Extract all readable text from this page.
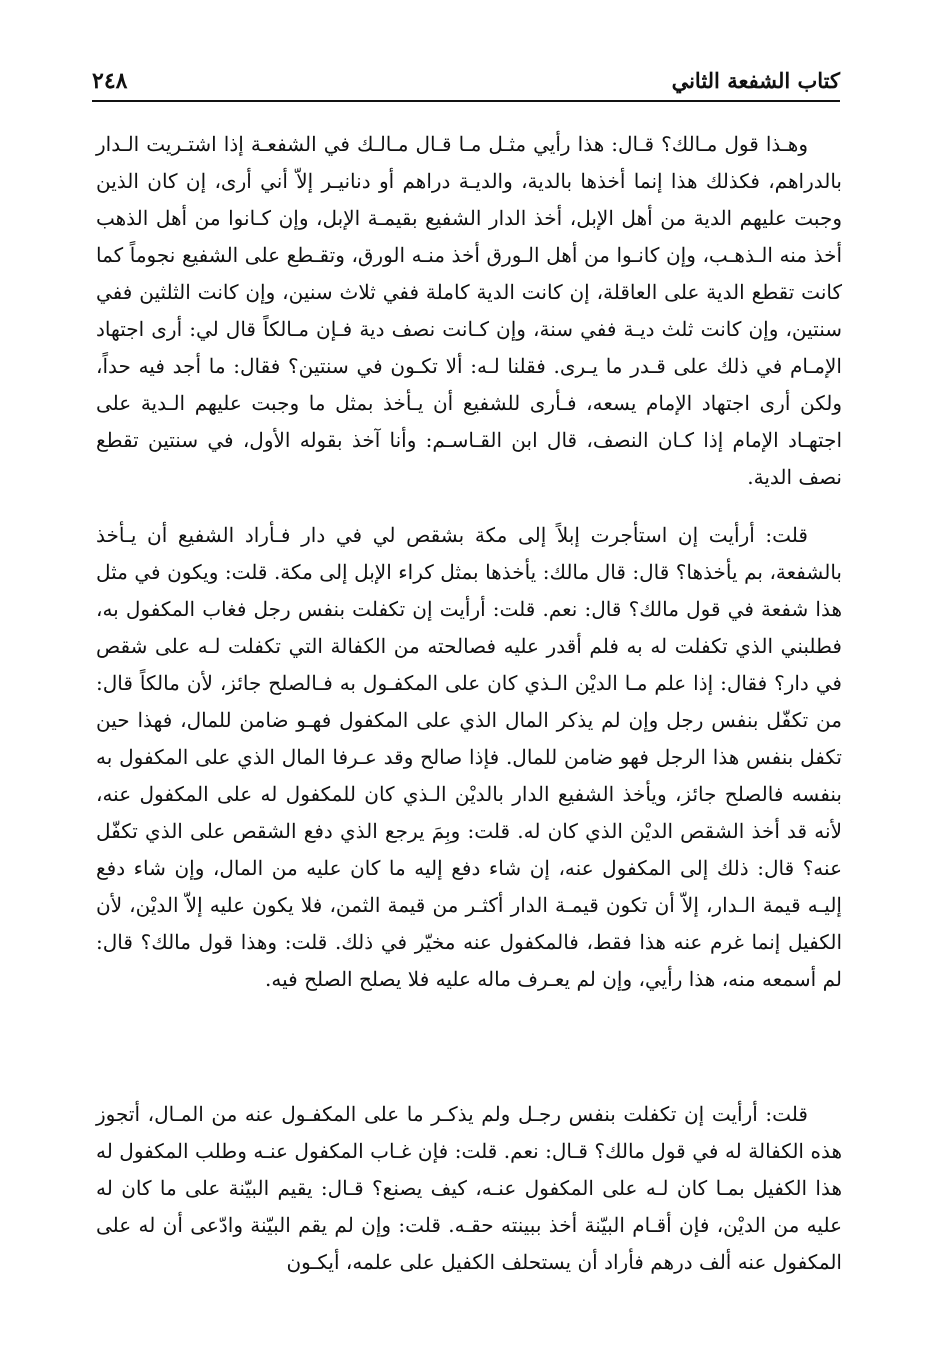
كتاب الشفعة الثاني
٢٤٨

وهـذا قول مـالك؟ قـال: هذا رأيي مثـل مـا قـال مـالـك في الشفعـة إذا اشتـريت الـدار بالدراهم، فكذلك هذا إنما أخذها بالدية، والديـة دراهم أو دنانيـر إلاّ أني أرى، إن كان الذين وجبت عليهم الدية من أهل الإبل، أخذ الدار الشفيع بقيمـة الإبل، وإن كـانوا من أهل الذهب أخذ منه الـذهـب، وإن كانـوا من أهل الـورق أخذ منـه الورق، وتقـطع على الشفيع نجوماً كما كانت تقطع الدية على العاقلة، إن كانت الدية كاملة ففي ثلاث سنين، وإن كانت الثلثين ففي سنتين، وإن كانت ثلث ديـة ففي سنة، وإن كـانت نصف دية فـإن مـالكاً قال لي: أرى اجتهاد الإمـام في ذلك على قـدر ما يـرى. فقلنا لـه: ألا تكـون في سنتين؟ فقال: ما أجد فيه حداً، ولكن أرى اجتهاد الإمام يسعه، فـأرى للشفيع أن يـأخذ بمثل ما وجبت عليهم الـدية على اجتهـاد الإمام إذا كـان النصف، قال ابن القـاسـم: وأنا آخذ بقوله الأول، في سنتين تقطع نصف الدية.

قلت: أرأيت إن استأجرت إبلاً إلى مكة بشقص لي في دار فـأراد الشفيع أن يـأخذ بالشفعة، بم يأخذها؟ قال: قال مالك: يأخذها بمثل كراء الإبل إلى مكة. قلت: ويكون في مثل هذا شفعة في قول مالك؟ قال: نعم. قلت: أرأيت إن تكفلت بنفس رجل فغاب المكفول به، فطلبني الذي تكفلت له به فلم أقدر عليه فصالحته من الكفالة التي تكفلت لـه على شقص في دار؟ فقال: إذا علم مـا الديْن الـذي كان على المكفـول به فـالصلح جائز، لأن مالكاً قال: من تكفّل بنفس رجل وإن لم يذكر المال الذي على المكفول فهـو ضامن للمال، فهذا حين تكفل بنفس هذا الرجل فهو ضامن للمال. فإذا صالح وقد عـرفا المال الذي على المكفول به بنفسه فالصلح جائز، ويأخذ الشفيع الدار بالديْن الـذي كان للمكفول له على المكفول عنه، لأنه قد أخذ الشقص الديْن الذي كان له. قلت: وبِمَ يرجع الذي دفع الشقص على الذي تكفّل عنه؟ قال: ذلك إلى المكفول عنه، إن شاء دفع إليه ما كان عليه من المال، وإن شاء دفع إليـه قيمة الـدار، إلاّ أن تكون قيمـة الدار أكثـر من قيمة الثمن، فلا يكون عليه إلاّ الديْن، لأن الكفيل إنما غرم عنه هذا فقط، فالمكفول عنه مخيّر في ذلك. قلت: وهذا قول مالك؟ قال: لم أسمعه منه، هذا رأيي، وإن لم يعـرف ماله عليه فلا يصلح الصلح فيه.

قلت: أرأيت إن تكفلت بنفس رجـل ولم يذكـر ما على المكفـول عنه من المـال، أتجوز هذه الكفالة له في قول مالك؟ قـال: نعم. قلت: فإن غـاب المكفول عنـه وطلب المكفول له هذا الكفيل بمـا كان لـه على المكفول عنـه، كيف يصنع؟ قـال: يقيم البيّنة على ما كان له عليه من الديْن، فإن أقـام البيّنة أخذ ببينته حقـه. قلت: وإن لم يقم البيّنة وادّعى أن له على المكفول عنه ألف درهم فأراد أن يستحلف الكفيل على علمه، أيكـون
